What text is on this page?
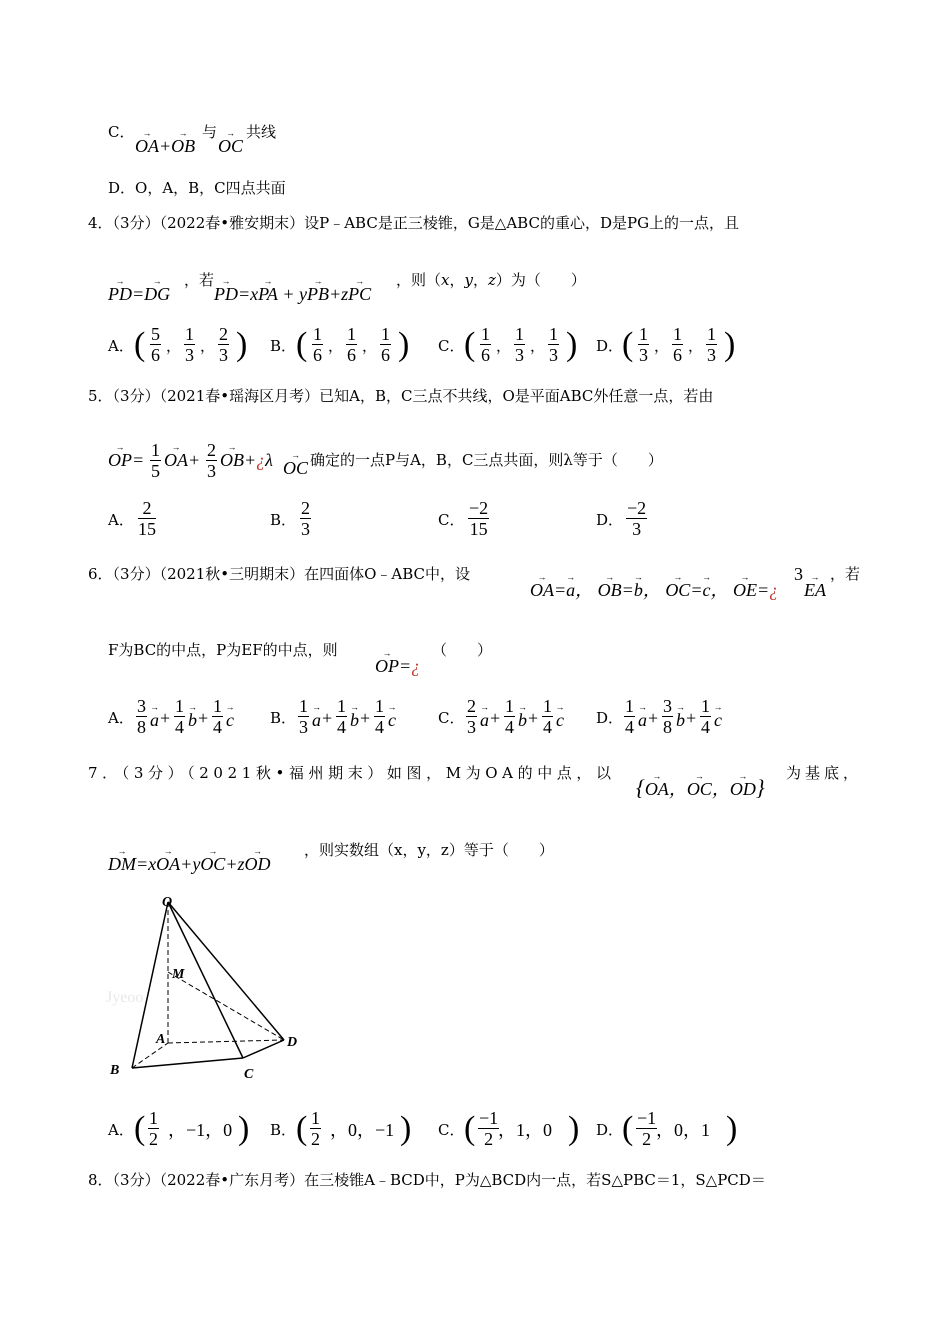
C．
→ OA+→ OB
与
→ OC
共线
D．O，A，B，C四点共面
4．（3分）（2022春•雅安期末）设P﹣ABC是正三棱锥，G是△ABC的重心，D是PG上的一点，且
→ PD=→ DG
，若
→ PD=x→ PA + y→ PB+z→ PC
，则（x，y，z）为（　　）
A． ( $\frac{5}{6}$ ， $\frac{1}{3}$ ， $\frac{2}{3}$ ) B． ( $\frac{1}{6}$ ， $\frac{1}{6}$ ， $\frac{1}{6}$ ) C． ( $\frac{1}{6}$ ， $\frac{1}{3}$ ， $\frac{1}{3}$ ) D．
( $\frac{1}{3}$ ， $\frac{1}{6}$ ， $\frac{1}{3}$ )
5．（3分）（2021春•瑶海区月考）已知A，B，C三点不共线，O是平面ABC外任意一点，若由
→ OP= 1
5
→ OA+ 2
3
→ OB+¿λ
→ OC 确定的一点P与A，B，C三点共面，则λ等于（　　）
A． $\frac{2}{15}$	B． $\frac{2}{3}$	C． $\frac{-2}{15}$	D． $\frac{-2}{3}$
6．（3分）（2021秋•三明期末）在四面体O﹣ABC中，设
→ OA=→ a， → OB=→ b， → OC=→ c， → OE=¿
3
→ EA
，若
F为BC的中点，P为EF的中点，则
→ OP=¿
（　　）
A． $\frac{3}{8}$
→ $a + \frac{1}{4}$
→ $b + \frac{1}{4}$
→ c B． $\frac{1}{3}$
→ $a + \frac{1}{4}$
→ $b + \frac{1}{4}$
→ c	C． $\frac{2}{3}$
→ $a + \frac{1}{4}$
→ $b + \frac{1}{4}$
→ c D． $\frac{1}{4}$
→ $a + \frac{3}{8}$
→ $b + \frac{1}{4}$
→ c
7．（3分）（2021秋•福州期末）如图，M为OA的中点，以
{→ OA，→ OC，→ OD}
为基底，
→ DM=x→ OA+y→ OC+z→ OD
，则实数组（x，y，z）等于（　　）
Jyeoo
O
M
A
B	C
D
A． ( $\frac{1}{2}$ ，−1，0 ) B． ( $\frac{1}{2}$ ，0，−1 ) C． ( $\frac{-1}{2}$
，1，0 ) D．
( $\frac{-1}{2}$
，0，1 )
8．（3分）（2022春•广东月考）在三棱锥A﹣BCD中，P为△BCD内一点，若S△PBC＝1，S△PCD＝
